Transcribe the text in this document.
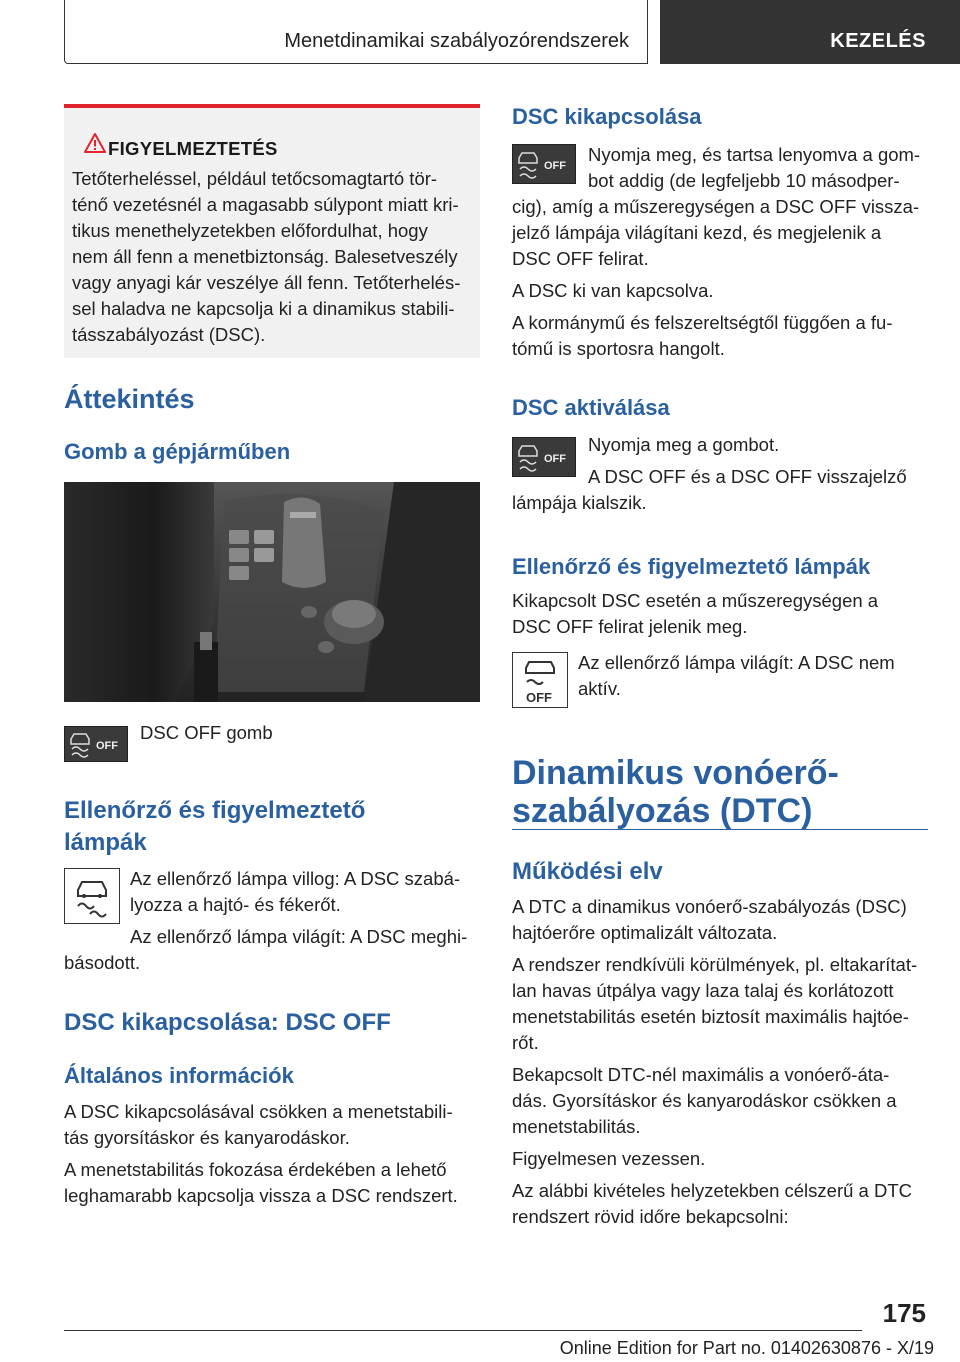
Menetdinamikai szabályozórendszerek	KEZELÉS
FIGYELMEZTETÉS

Tetőterheléssel, például tetőcsomagtartó tör-

ténő vezetésnél a magasabb súlypont miatt kri-

tikus menethelyzetekben előfordulhat, hogy

nem áll fenn a menetbiztonság. Balesetveszély

vagy anyagi kár veszélye áll fenn. Tetőterhelés-

sel haladva ne kapcsolja ki a dinamikus stabili-

tásszabályozást (DSC).

Áttekintés
Gomb a gépjárműben
OFF
DSC OFF gomb
Ellenőrző és figyelmeztető
lámpák

Az ellenőrző lámpa villog: A DSC szabá-

lyozza a hajtó- és fékerőt.

Az ellenőrző lámpa világít: A DSC meghi-

básodott.

DSC kikapcsolása: DSC OFF
Általános információk

A DSC kikapcsolásával csökken a menetstabili-

tás gyorsításkor és kanyarodáskor.

A menetstabilitás fokozása érdekében a lehető

leghamarabb kapcsolja vissza a DSC rendszert.

DSC kikapcsolása
OFF

Nyomja meg, és tartsa lenyomva a gom-

bot addig (de legfeljebb 10 másodper-

cig), amíg a műszeregységen a DSC OFF vissza-

jelző lámpája világítani kezd, és megjelenik a

DSC OFF felirat.

A DSC ki van kapcsolva.

A kormánymű és felszereltségtől függően a fu-

tómű is sportosra hangolt.

DSC aktiválása
OFF

Nyomja meg a gombot.

A DSC OFF és a DSC OFF visszajelző

lámpája kialszik.

Ellenőrző és figyelmeztető lámpák

Kikapcsolt DSC esetén a műszeregységen a

DSC OFF felirat jelenik meg.

OFF

Az ellenőrző lámpa világít: A DSC nem

aktív.

Dinamikus vonóerő-
szabályozás (DTC)
Működési elv

A DTC a dinamikus vonóerő-szabályozás (DSC)

hajtóerőre optimalizált változata.

A rendszer rendkívüli körülmények, pl. eltakarítat-

lan havas útpálya vagy laza talaj és korlátozott

menetstabilitás esetén biztosít maximális hajtóe-

rőt.

Bekapcsolt DTC-nél maximális a vonóerő-áta-

dás. Gyorsításkor és kanyarodáskor csökken a

menetstabilitás.

Figyelmesen vezessen.

Az alábbi kivételes helyzetekben célszerű a DTC

rendszert rövid időre bekapcsolni:

175
Online Edition for Part no. 01402630876 - X/19
